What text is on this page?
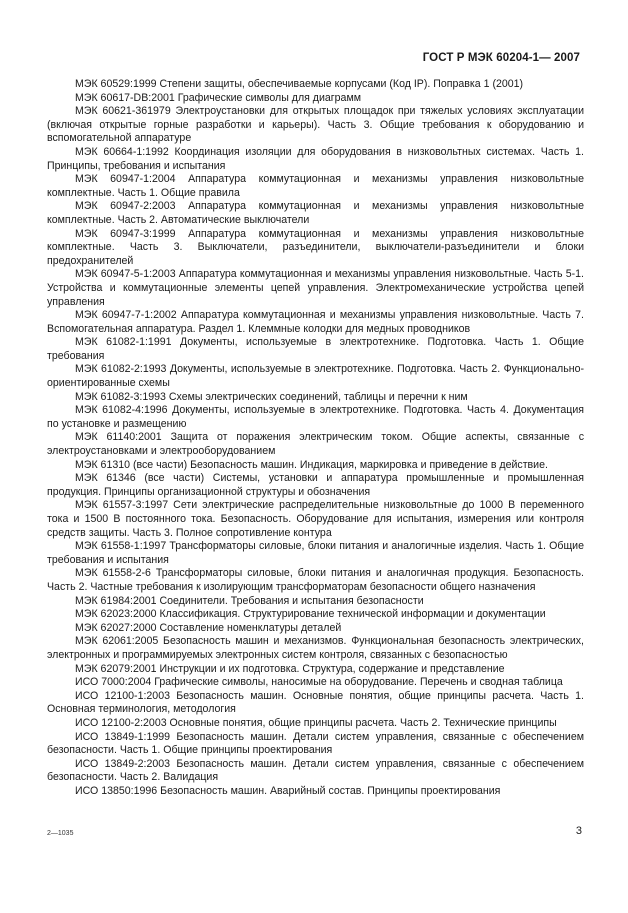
ГОСТ Р МЭК 60204-1— 2007

МЭК 60529:1999 Степени защиты, обеспечиваемые корпусами (Код IP). Поправка 1 (2001)

МЭК 60617-DB:2001 Графические символы для диаграмм

МЭК 60621-361979 Электроустановки для открытых площадок при тяжелых условиях эксплуатации (включая открытые горные разработки и карьеры). Часть 3. Общие требования к оборудованию и вспомогательной аппаратуре

МЭК 60664-1:1992 Координация изоляции для оборудования в низковольтных системах. Часть 1. Принципы, требования и испытания

МЭК 60947-1:2004 Аппаратура коммутационная и механизмы управления низковольтные комплектные. Часть 1. Общие правила

МЭК 60947-2:2003 Аппаратура коммутационная и механизмы управления низковольтные комплектные. Часть 2. Автоматические выключатели

МЭК 60947-3:1999 Аппаратура коммутационная и механизмы управления низковольтные комплектные. Часть 3. Выключатели, разъединители, выключатели-разъединители и блоки предохранителей

МЭК 60947-5-1:2003 Аппаратура коммутационная и механизмы управления низковольтные. Часть 5-1. Устройства и коммутационные элементы цепей управления. Электромеханические устройства цепей управления

МЭК 60947-7-1:2002 Аппаратура коммутационная и механизмы управления низковольтные. Часть 7. Вспомогательная аппаратура. Раздел 1. Клеммные колодки для медных проводников

МЭК 61082-1:1991 Документы, используемые в электротехнике. Подготовка. Часть 1. Общие требования

МЭК 61082-2:1993 Документы, используемые в электротехнике. Подготовка. Часть 2. Функционально-ориентированные схемы

МЭК 61082-3:1993 Схемы электрических соединений, таблицы и перечни к ним

МЭК 61082-4:1996 Документы, используемые в электротехнике. Подготовка. Часть 4. Документация по установке и размещению

МЭК 61140:2001 Защита от поражения электрическим током. Общие аспекты, связанные с электроустановками и электрооборудованием

МЭК 61310 (все части) Безопасность машин. Индикация, маркировка и приведение в действие.

МЭК 61346 (все части) Системы, установки и аппаратура промышленные и промышленная продукция. Принципы организационной структуры и обозначения

МЭК 61557-3:1997 Сети электрические распределительные низковольтные до 1000 В переменного тока и 1500 В постоянного тока. Безопасность. Оборудование для испытания, измерения или контроля средств защиты. Часть 3. Полное сопротивление контура

МЭК 61558-1:1997 Трансформаторы силовые, блоки питания и аналогичные изделия. Часть 1. Общие требования и испытания

МЭК 61558-2-6 Трансформаторы силовые, блоки питания и аналогичная продукция. Безопасность. Часть 2. Частные требования к изолирующим трансформаторам безопасности общего назначения

МЭК 61984:2001 Соединители. Требования и испытания безопасности

МЭК 62023:2000 Классификация. Структурирование технической информации и документации

МЭК 62027:2000 Составление номенклатуры деталей

МЭК 62061:2005 Безопасность машин и механизмов. Функциональная безопасность электрических, электронных и программируемых электронных систем контроля, связанных с безопасностью

МЭК 62079:2001 Инструкции и их подготовка. Структура, содержание и представление

ИСО 7000:2004 Графические символы, наносимые на оборудование. Перечень и сводная таблица

ИСО 12100-1:2003 Безопасность машин. Основные понятия, общие принципы расчета. Часть 1. Основная терминология, методология

ИСО 12100-2:2003 Основные понятия, общие принципы расчета. Часть 2. Технические принципы

ИСО 13849-1:1999 Безопасность машин. Детали систем управления, связанные с обеспечением безопасности. Часть 1. Общие принципы проектирования

ИСО 13849-2:2003 Безопасность машин. Детали систем управления, связанные с обеспечением безопасности. Часть 2. Валидация

ИСО 13850:1996 Безопасность машин. Аварийный состав. Принципы проектирования

2—1035	3
